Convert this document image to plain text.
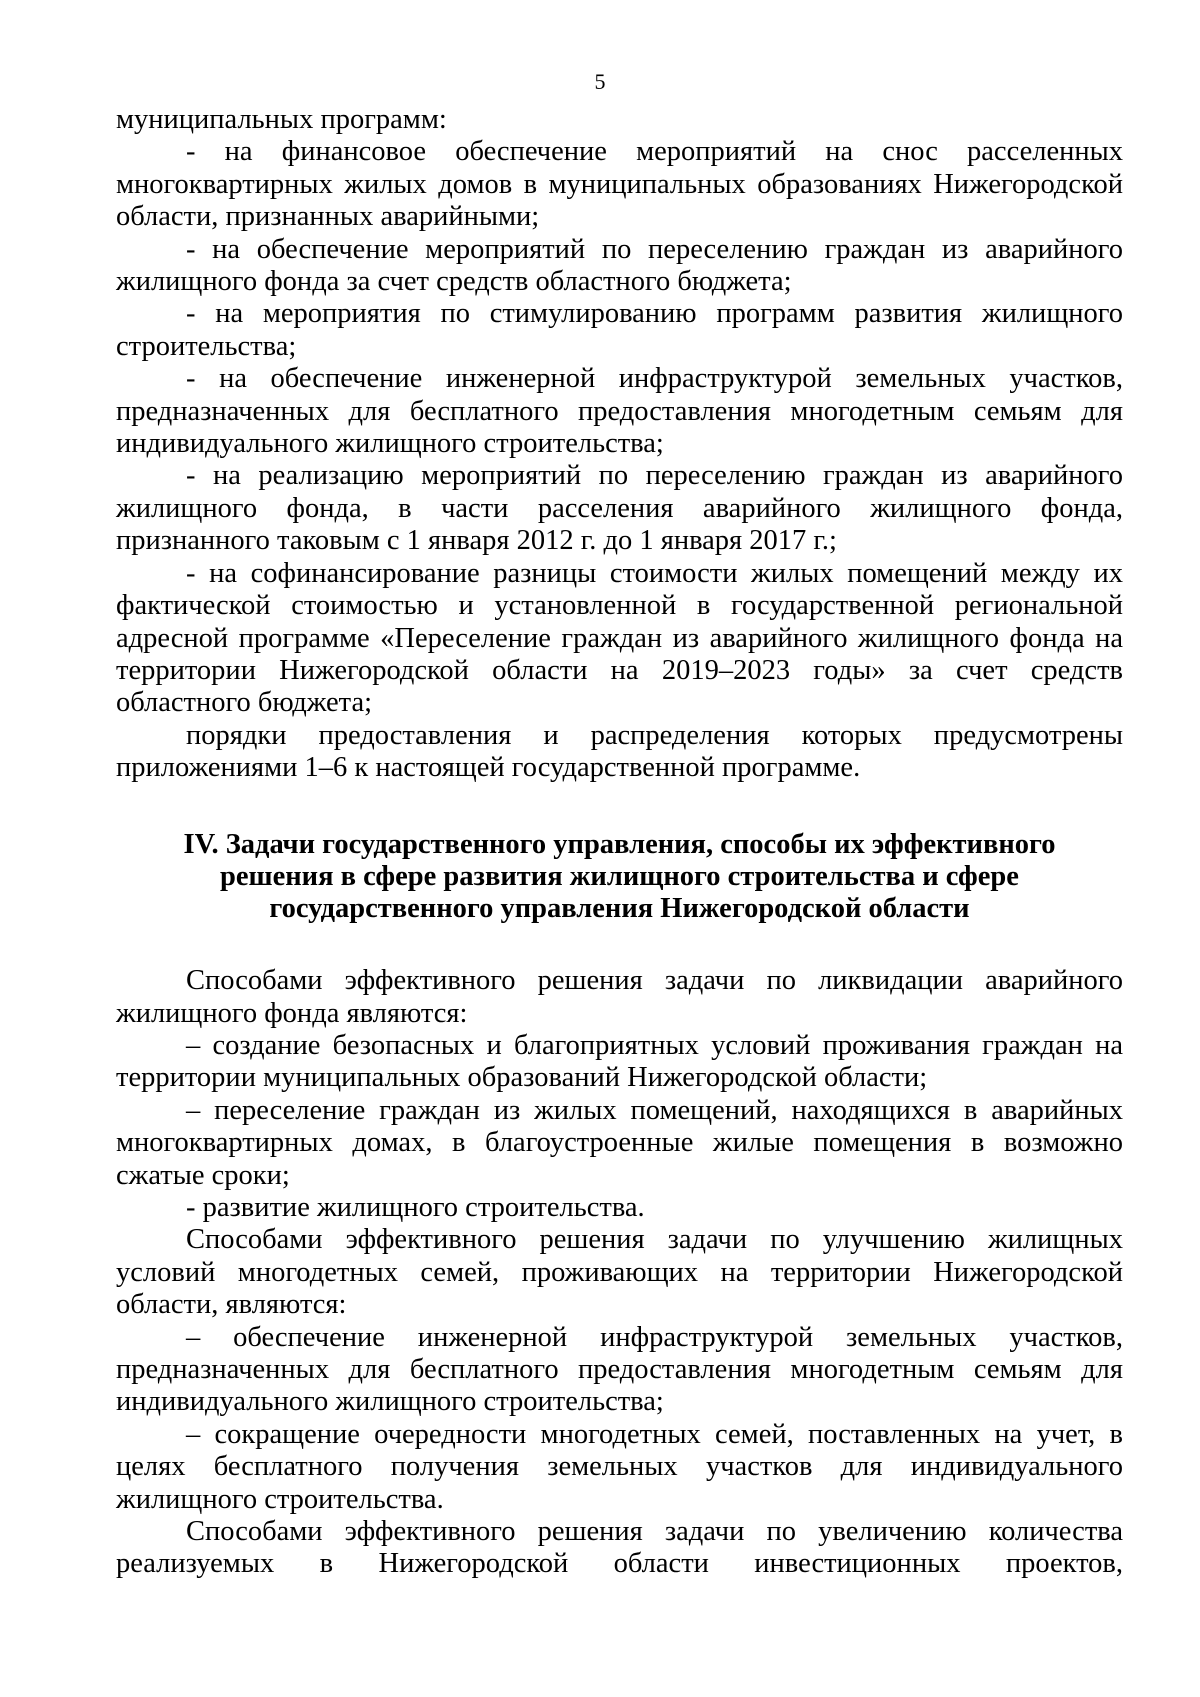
5

муниципальных программ:

- на финансовое обеспечение мероприятий на снос расселенных многоквартирных жилых домов в муниципальных образованиях Нижегородской области, признанных аварийными;

- на обеспечение мероприятий по переселению граждан из аварийного жилищного фонда за счет средств областного бюджета;

- на мероприятия по стимулированию программ развития жилищного строительства;

- на обеспечение инженерной инфраструктурой земельных участков, предназначенных для бесплатного предоставления многодетным семьям для индивидуального жилищного строительства;

- на реализацию мероприятий по переселению граждан из аварийного жилищного фонда, в части расселения аварийного жилищного фонда, признанного таковым с 1 января 2012 г. до 1 января 2017 г.;

- на софинансирование разницы стоимости жилых помещений между их фактической стоимостью и установленной в государственной региональной адресной программе «Переселение граждан из аварийного жилищного фонда на территории Нижегородской области на 2019–2023 годы» за счет средств областного бюджета;

порядки предоставления и распределения которых предусмотрены приложениями 1–6 к настоящей государственной программе.

IV. Задачи государственного управления, способы их эффективного
решения в сфере развития жилищного строительства и сфере
государственного управления Нижегородской области

Способами эффективного решения задачи по ликвидации аварийного жилищного фонда являются:

– создание безопасных и благоприятных условий проживания граждан на территории муниципальных образований Нижегородской области;

– переселение граждан из жилых помещений, находящихся в аварийных многоквартирных домах, в благоустроенные жилые помещения в возможно сжатые сроки;

- развитие жилищного строительства.

Способами эффективного решения задачи по улучшению жилищных условий многодетных семей, проживающих на территории Нижегородской области, являются:

– обеспечение инженерной инфраструктурой земельных участков, предназначенных для бесплатного предоставления многодетным семьям для индивидуального жилищного строительства;

– сокращение очередности многодетных семей, поставленных на учет, в целях бесплатного получения земельных участков для индивидуального жилищного строительства.

Способами эффективного решения задачи по увеличению количества реализуемых в Нижегородской области инвестиционных проектов,
